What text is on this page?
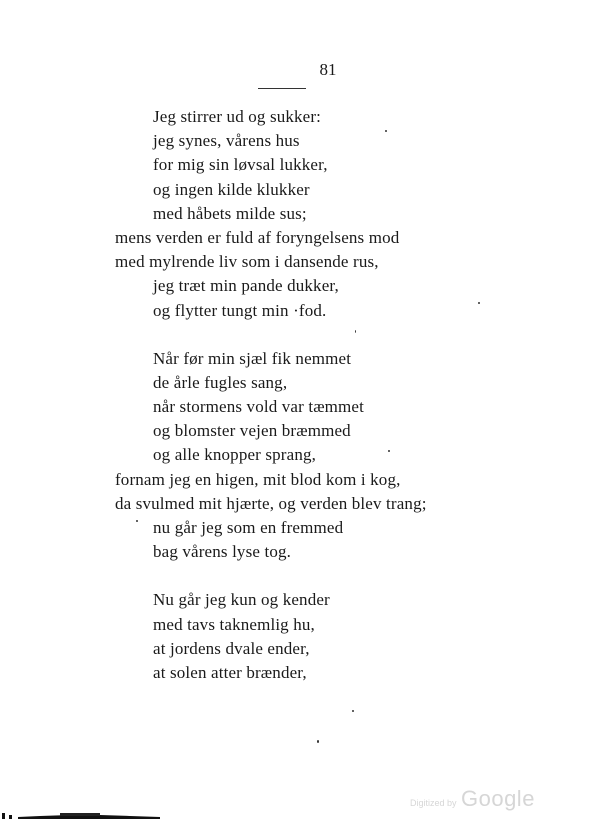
81
Jeg stirrer ud og sukker:
jeg synes, vårens hus
for mig sin løvsal lukker,
og ingen kilde klukker
med håbets milde sus;
mens verden er fuld af foryngelsens mod
med mylrende liv som i dansende rus,
jeg træt min pande dukker,
og flytter tungt min ·fod.
Når før min sjæl fik nemmet
de årle fugles sang,
når stormens vold var tæmmet
og blomster vejen bræmmed
og alle knopper sprang,
fornam jeg en higen, mit blod kom i kog,
da svulmed mit hjærte, og verden blev trang;
nu går jeg som en fremmed
bag vårens lyse tog.
Nu går jeg kun og kender
med tavs taknemlig hu,
at jordens dvale ender,
at solen atter brænder,
Digitized by Google
